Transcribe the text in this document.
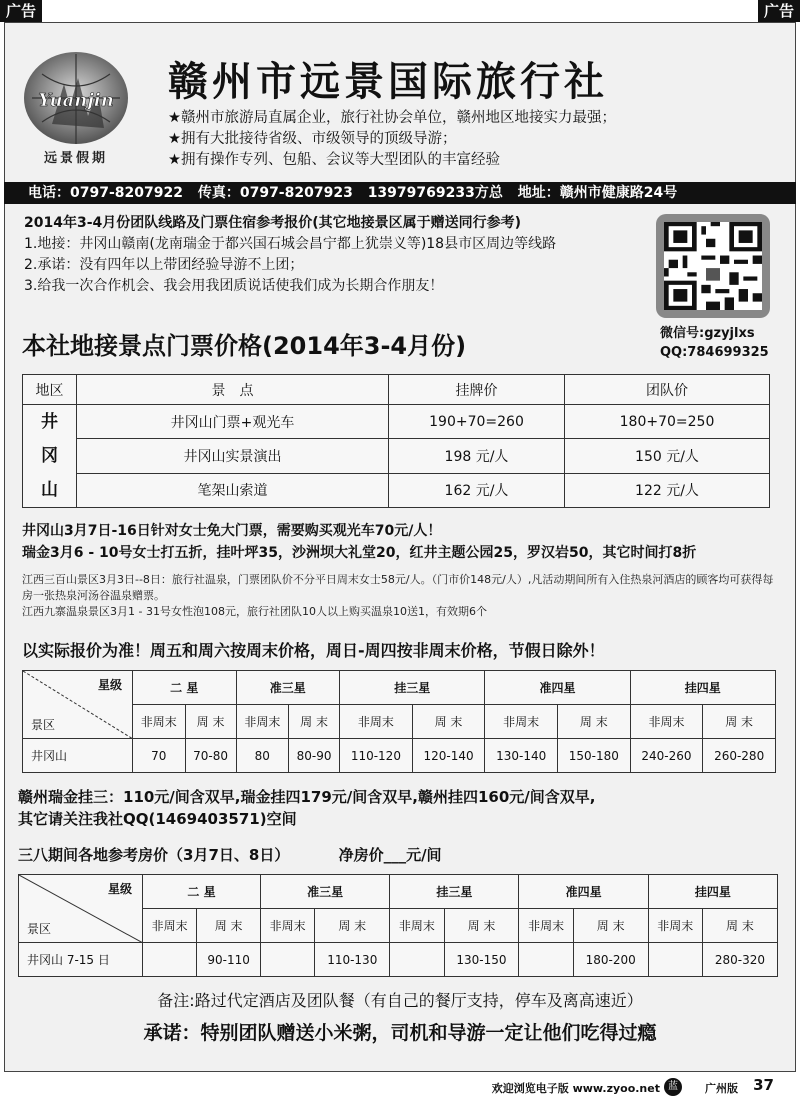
广告	广告
Yuanjin
远景假期
赣州市远景国际旅行社
★赣州市旅游局直属企业，旅行社协会单位，赣州地区地接实力最强；
★拥有大批接待省级、市级领导的顶级导游；
★拥有操作专列、包船、会议等大型团队的丰富经验
电话：0797-8207922 传真：0797-8207923 13979769233方总 地址：赣州市健康路24号
2014年3-4月份团队线路及门票住宿参考报价(其它地接景区属于赠送同行参考)
1.地接：井冈山赣南(龙南瑞金于都兴国石城会昌宁都上犹崇义等)18县市区周边等线路
2.承诺：没有四年以上带团经验导游不上团；
3.给我一次合作机会、我会用我团质说话使我们成为长期合作朋友！
微信号:gzyjlxs
QQ:784699325
本社地接景点门票价格(2014年3-4月份)
地区	景　点	挂牌价	团队价

井
冈
山	井冈山门票+观光车	190+70=260	180+70=250
	井冈山实景演出	198 元/人	150 元/人
	笔架山索道	162 元/人	122 元/人
井冈山3月7日-16日针对女士免大门票，需要购买观光车70元/人！
瑞金3月6 - 10号女士打五折，挂叶坪35，沙洲坝大礼堂20，红井主题公园25，罗汉岩50，其它时间打8折
江西三百山景区3月3日--8日：旅行社温泉，门票团队价不分平日周末女士58元/人。（门市价148元/人）,凡活动期间所有入住热泉河酒店的顾客均可获得每房一张热泉河汤谷温泉赠票。
江西九寨温泉景区3月1 - 31号女性泡108元，旅行社团队10人以上购买温泉10送1，有效期6个
以实际报价为准！周五和周六按周末价格，周日-周四按非周末价格，节假日除外！
星级
景区	二 星		准三星		挂三星		准四星		挂四星	
	非周末	周 末	非周末	周 末	非周末	周 末	非周末	周 末	非周末	周 末
井冈山	70	70-80	80	80-90	110-120	120-140	130-140	150-180	240-260	260-280
赣州瑞金挂三：110元/间含双早,瑞金挂四179元/间含双早,赣州挂四160元/间含双早,
其它请关注我社QQ(1469403571)空间
三八期间各地参考房价（3月7日、8日）	净房价___元/间
星级
景区	二 星		准三星		挂三星		准四星		挂四星	
	非周末	周 末	非周末	周 末	非周末	周 末	非周末	周 末	非周末	周 末
井冈山 7-15 日		90-110		110-130		130-150		180-200		280-320
备注:路过代定酒店及团队餐（有自己的餐厅支持，停车及离高速近）
承诺：特别团队赠送小米粥，司机和导游一定让他们吃得过瘾
欢迎浏览电子版 www.zyoo.net 蓝	广州版 37
